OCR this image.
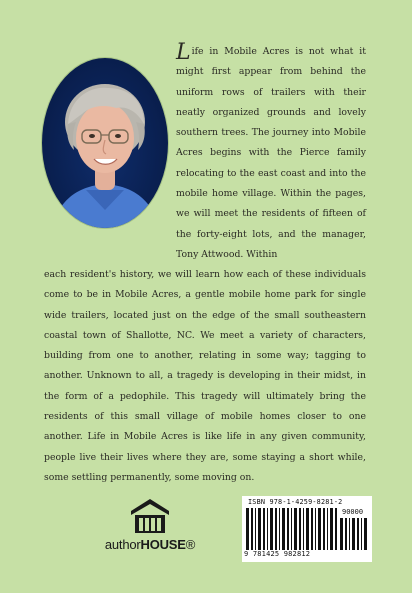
Life in Mobile Acres is not what it might first appear from behind the uniform rows of trailers with their neatly organized grounds and lovely southern trees. The journey into Mobile Acres begins with the Pierce family relocating to the east coast and into the mobile home village. Within the pages, we will meet the residents of fifteen of the forty-eight lots, and the manager, Tony Attwood. Within

each resident's history, we will learn how each of these individuals come to be in Mobile Acres, a gentle mobile home park for single wide trailers, located just on the edge of the small southeastern coastal town of Shallotte, NC. We meet a variety of characters, building from one to another, relating in some way; tagging to another. Unknown to all, a tragedy is developing in their midst, in the form of a pedophile. This tragedy will ultimately bring the residents of this small village of mobile homes closer to one another. Life in Mobile Acres is like life in any given community, people live their lives where they are, some staying a short while, some settling permanently, some moving on.

authorHOUSE®
ISBN 978-1-4259-8281-2
90000
9 781425 982812
